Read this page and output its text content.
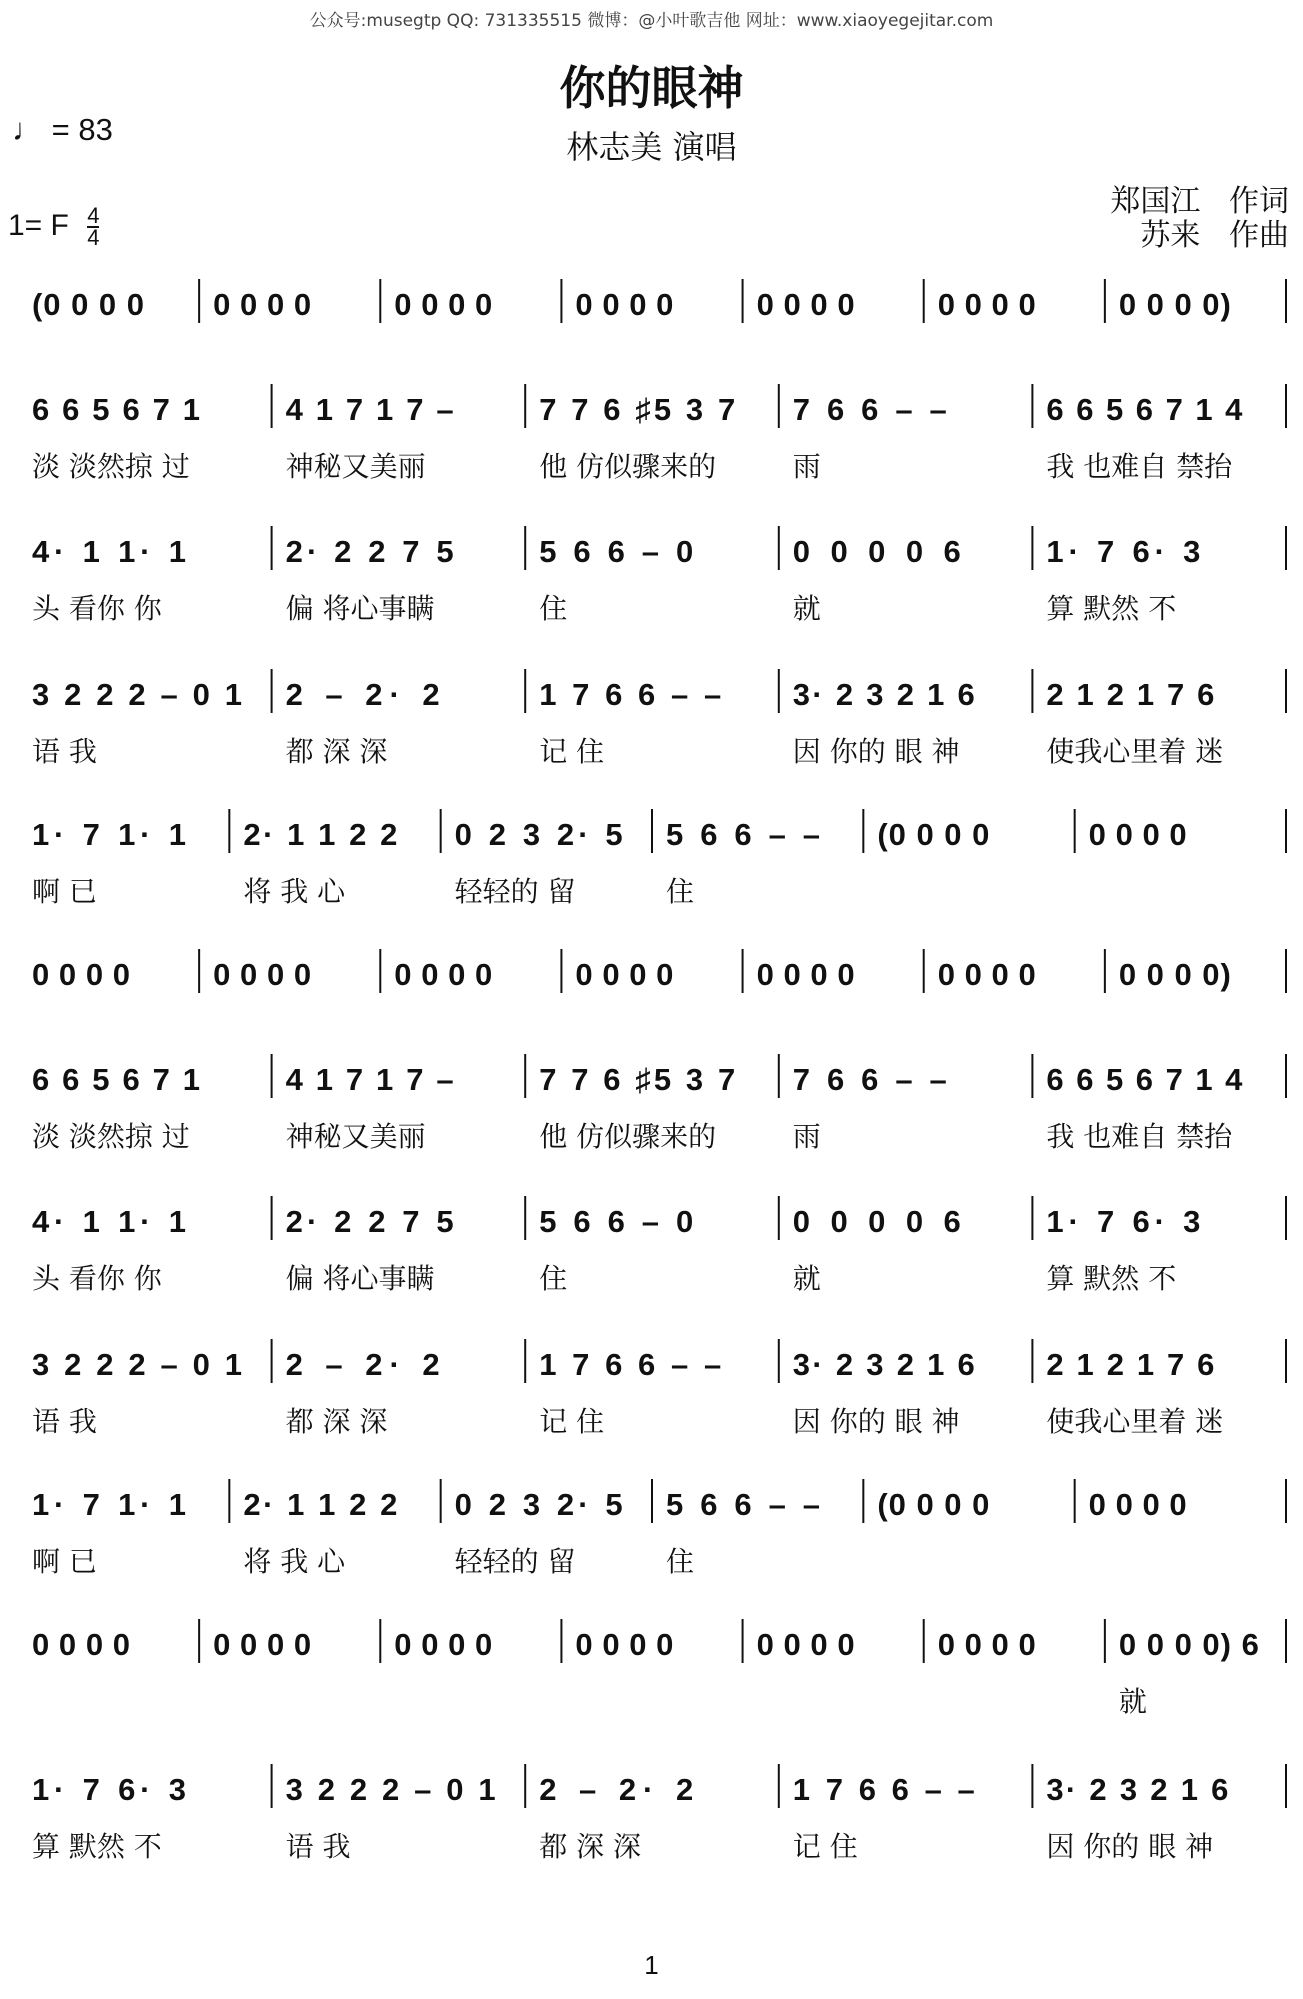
公众号:musegtp QQ: 731335515 微博：@小叶歌吉他 网址：www.xiaoyegejitar.com
你的眼神
林志美 演唱
♩ = 83
1= F $\frac{4}{4}$
郑国江   作词
苏来   作曲
(0 0 0 0 0 0 0 0	0 0 0 0	0 0 0 0	0 0 0 0	0 0 0 0	0 0 0 0)
6 6 5 6 7 1
淡 淡然掠 过
4 1 7 1 7 –
神秘又美丽
7 7 6 ♯5 3 7
他 仿似骤来的
7 6 6 – –
雨
6 6 5 6 7 1 4
我 也难自 禁抬
4· 1 1· 1
头 看你 你
2· 2 2 7 5
偏 将心事瞒
5 6 6 – 0
住
0 0 0 0 6
就
1· 7 6· 3
算 默然 不
3 2 2 2 – 0 1
语 我
2 – 2· 2
都 深 深
1 7 6 6 – –
记 住
3· 2 3 2 1 6
因 你的 眼 神
2 1 2 1 7 6
使我心里着 迷
1· 7 1· 1
啊 已
2· 1 1 2 2
将 我 心
0 2 3 2· 5
轻轻的 留
5 6 6 – –
住
(0 0 0 0	0 0 0 0
0 0 0 0	0 0 0 0	0 0 0 0	0 0 0 0	0 0 0 0	0 0 0 0	0 0 0 0)
6 6 5 6 7 1
淡 淡然掠 过
4 1 7 1 7 –
神秘又美丽
7 7 6 ♯5 3 7
他 仿似骤来的
7 6 6 – –
雨
6 6 5 6 7 1 4
我 也难自 禁抬
4· 1 1· 1
头 看你 你
2· 2 2 7 5
偏 将心事瞒
5 6 6 – 0
住
0 0 0 0 6
就
1· 7 6· 3
算 默然 不
3 2 2 2 – 0 1
语 我
2 – 2· 2
都 深 深
1 7 6 6 – –
记 住
3· 2 3 2 1 6
因 你的 眼 神
2 1 2 1 7 6
使我心里着 迷
1· 7 1· 1
啊 已
2· 1 1 2 2
将 我 心
0 2 3 2· 5
轻轻的 留
5 6 6 – –
住
(0 0 0 0	0 0 0 0
0 0 0 0	0 0 0 0	0 0 0 0	0 0 0 0	0 0 0 0	0 0 0 0	0 0 0 0) 6
就
1· 7 6· 3
算 默然 不
3 2 2 2 – 0 1
语 我
2 – 2· 2
都 深 深
1 7 6 6 – –
记 住
3· 2 3 2 1 6
因 你的 眼 神
1
